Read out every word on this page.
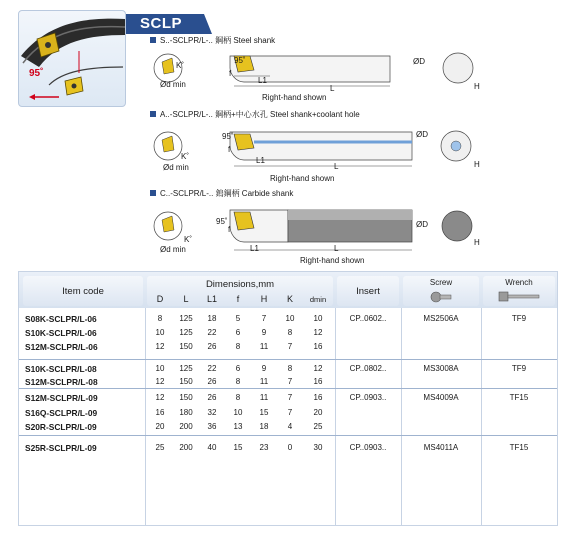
95˚
SCLP
S..-SCLPR/L-.. 鋼柄 Steel shank
Right-hand shown
95˚
K˚
Ød min	L1
L
f
ØD
H
A..-SCLPR/L-.. 鋼柄+中心水孔 Steel shank+coolant hole
Right-hand shown
95˚
K˚
Ød min
L1
L
f
ØD
H
C..-SCLPR/L-.. 鎢鋼柄 Carbide shank
Right-hand shown
95˚
K˚
Ød min	L1	L
f
ØD
H
Item code
Dimensions,mm
D	L	L1	f	H	K	dmin
Insert
Screw	Wrench
S08K-SCLPR/L-06	8	125	18	5	7	10	10	CP..0602..	MS2506A	TF9
S10K-SCLPR/L-06	10	125	22	6	9	8	12
S12M-SCLPR/L-06	12	150	26	8	11	7	16
S10K-SCLPR/L-08	10	125	22	6	9	8	12	CP..0802..	MS3008A	TF9
S12M-SCLPR/L-08	12	150	26	8	11	7	16
S12M-SCLPR/L-09	12	150	26	8	11	7	16	CP..0903..	MS4009A	TF15
S16Q-SCLPR/L-09	16	180	32	10	15	7	20
S20R-SCLPR/L-09	20	200	36	13	18	4	25
S25R-SCLPR/L-09	25	200	40	15	23	0	30	CP..0903..	MS4011A	TF15
